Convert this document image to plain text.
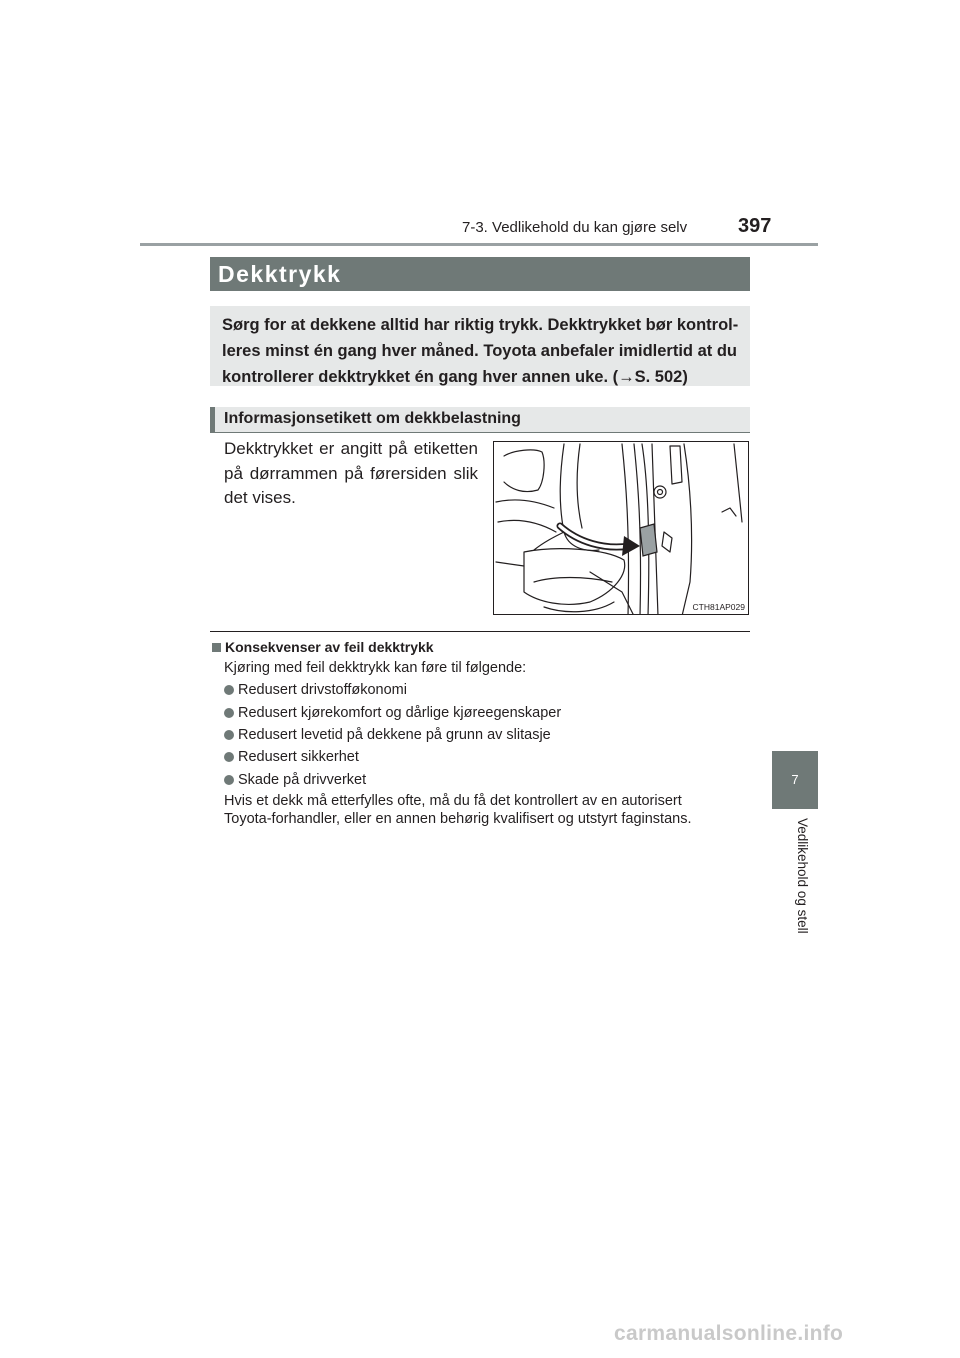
7-3. Vedlikehold du kan gjøre selv	397
Dekktrykk
Sørg for at dekkene alltid har riktig trykk. Dekktrykket bør kontrol-leres minst én gang hver måned. Toyota anbefaler imidlertid at du kontrollerer dekktrykket én gang hver annen uke. (→S. 502)
Informasjonsetikett om dekkbelastning
Dekktrykket er angitt på etiketten på dørrammen på førersiden slik det vises.
CTH81AP029
Konsekvenser av feil dekktrykk
Kjøring med feil dekktrykk kan føre til følgende:
Redusert drivstofføkonomi
Redusert kjørekomfort og dårlige kjøreegenskaper
Redusert levetid på dekkene på grunn av slitasje
Redusert sikkerhet
Skade på drivverket
Hvis et dekk må etterfylles ofte, må du få det kontrollert av en autorisert
Toyota-forhandler, eller en annen behørig kvalifisert og utstyrt faginstans.
7
Vedlikehold og stell
carmanualsonline.info
